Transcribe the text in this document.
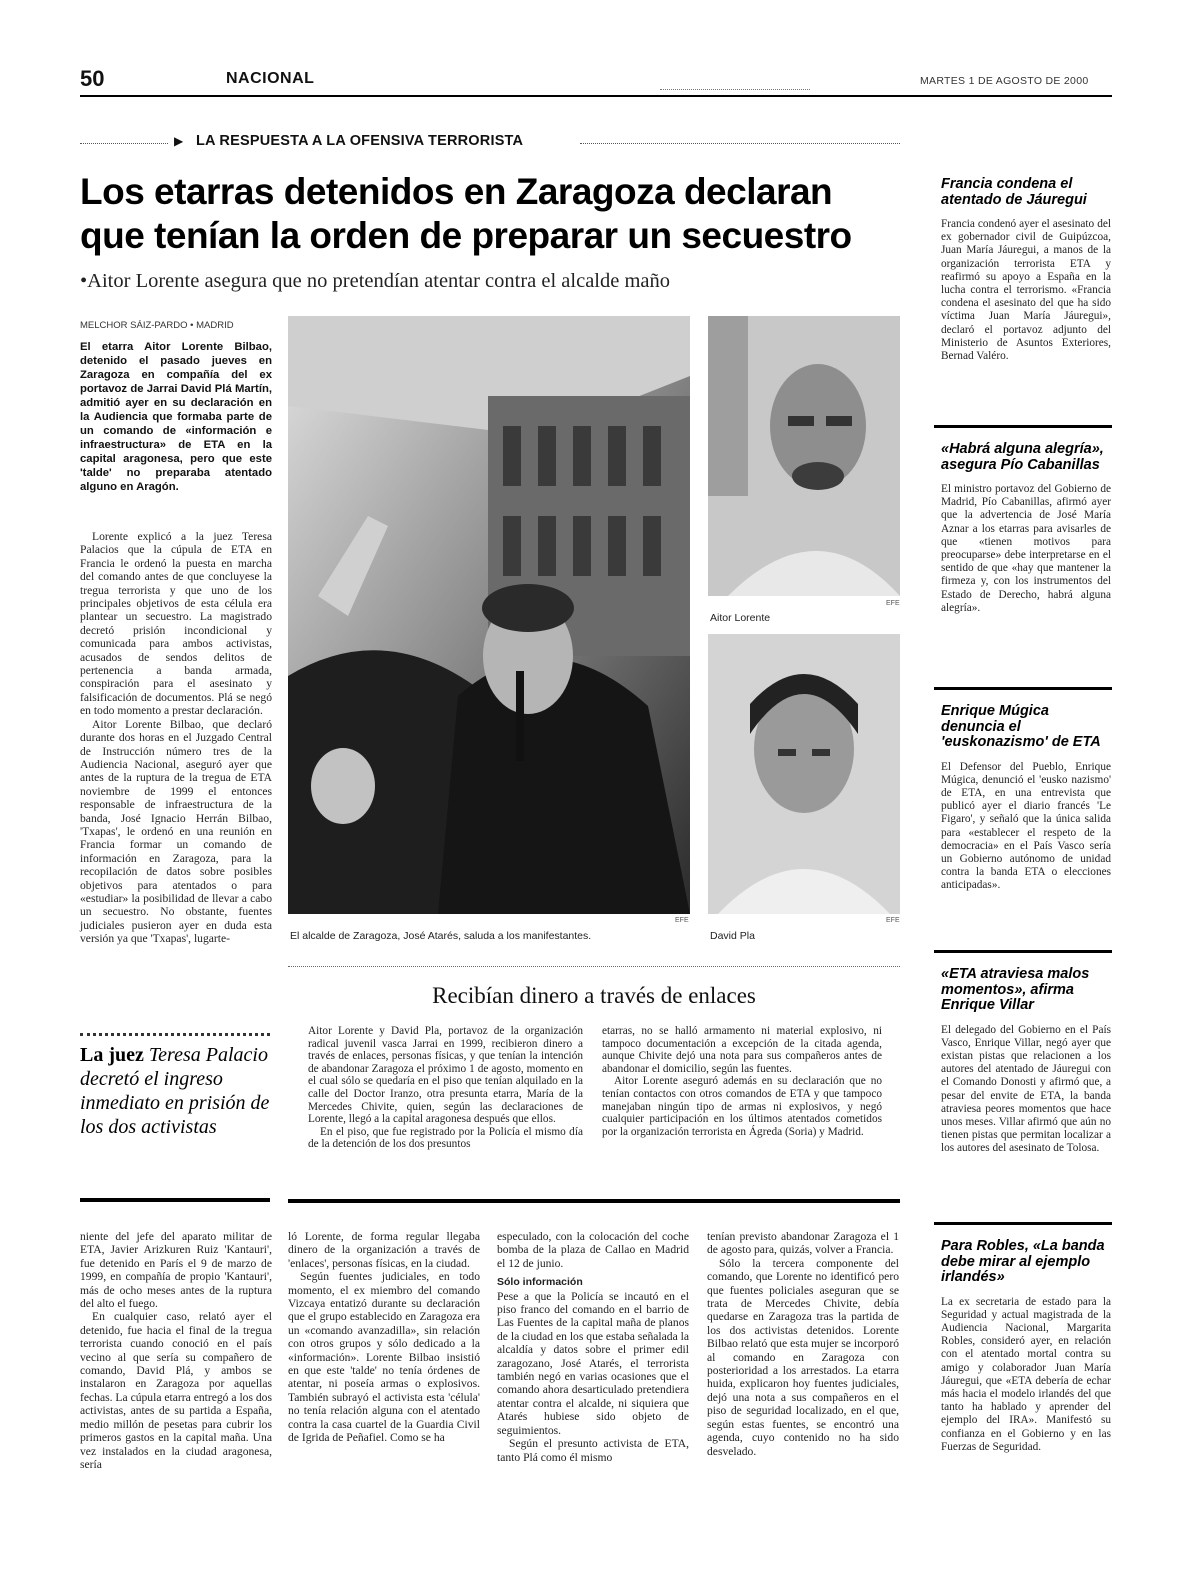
50	NACIONAL	MARTES 1 DE AGOSTO DE 2000
▶ LA RESPUESTA A LA OFENSIVA TERRORISTA
Los etarras detenidos en Zaragoza declaran
que tenían la orden de preparar un secuestro
•Aitor Lorente asegura que no pretendían atentar contra el alcalde maño
MELCHOR SÁIZ-PARDO • MADRID
El etarra Aitor Lorente Bilbao, detenido el pasado jueves en Zaragoza en compañía del ex portavoz de Jarrai David Plá Martín, admitió ayer en su declaración en la Audiencia que formaba parte de un comando de «información e infraestructura» de ETA en la capital aragonesa, pero que este 'talde' no preparaba atentado alguno en Aragón.

Lorente explicó a la juez Teresa Palacios que la cúpula de ETA en Francia le ordenó la puesta en marcha del comando antes de que concluyese la tregua terrorista y que uno de los principales objetivos de esta célula era plantear un secuestro. La magistrado decretó prisión incondicional y comunicada para ambos activistas, acusados de sendos delitos de pertenencia a banda armada, conspiración para el asesinato y falsificación de documentos. Plá se negó en todo momento a prestar declaración.

Aitor Lorente Bilbao, que declaró durante dos horas en el Juzgado Central de Instrucción número tres de la Audiencia Nacional, aseguró ayer que antes de la ruptura de la tregua de ETA noviembre de 1999 el entonces responsable de infraestructura de la banda, José Ignacio Herrán Bilbao, 'Txapas', le ordenó en una reunión en Francia formar un comando de información en Zaragoza, para la recopilación de datos sobre posibles objetivos para atentados o para «estudiar» la posibilidad de llevar a cabo un secuestro. No obstante, fuentes judiciales pusieron ayer en duda esta versión ya que 'Txapas', lugarte-

La juez Teresa Palacio decretó el ingreso inmediato en prisión de los dos activistas
EFE
El alcalde de Zaragoza, José Atarés, saluda a los manifestantes.
EFE
Aitor Lorente
EFE
David Pla
Recibían dinero a través de enlaces

Aitor Lorente y David Pla, portavoz de la organización radical juvenil vasca Jarrai en 1999, recibieron dinero a través de enlaces, personas físicas, y que tenían la intención de abandonar Zaragoza el próximo 1 de agosto, momento en el cual sólo se quedaría en el piso que tenían alquilado en la calle del Doctor Iranzo, otra presunta etarra, María de la Mercedes Chivite, quien, según las declaraciones de Lorente, llegó a la capital aragonesa después que ellos.

En el piso, que fue registrado por la Policía el mismo día de la detención de los dos presuntos

etarras, no se halló armamento ni material explosivo, ni tampoco documentación a excepción de la citada agenda, aunque Chivite dejó una nota para sus compañeros antes de abandonar el domicilio, según las fuentes.

Aitor Lorente aseguró además en su declaración que no tenían contactos con otros comandos de ETA y que tampoco manejaban ningún tipo de armas ni explosivos, y negó cualquier participación en los últimos atentados cometidos por la organización terrorista en Ágreda (Soria) y Madrid.

niente del jefe del aparato militar de ETA, Javier Arizkuren Ruiz 'Kantauri', fue detenido en París el 9 de marzo de 1999, en compañía de propio 'Kantauri', más de ocho meses antes de la ruptura del alto el fuego.

En cualquier caso, relató ayer el detenido, fue hacia el final de la tregua terrorista cuando conoció en el país vecino al que sería su compañero de comando, David Plá, y ambos se instalaron en Zaragoza por aquellas fechas. La cúpula etarra entregó a los dos activistas, antes de su partida a España, medio millón de pesetas para cubrir los primeros gastos en la capital maña. Una vez instalados en la ciudad aragonesa, sería

ló Lorente, de forma regular llegaba dinero de la organización a través de 'enlaces', personas físicas, en la ciudad.

Según fuentes judiciales, en todo momento, el ex miembro del comando Vizcaya entatizó durante su declaración que el grupo establecido en Zaragoza era un «comando avanzadilla», sin relación con otros grupos y sólo dedicado a la «información». Lorente Bilbao insistió en que este 'talde' no tenía órdenes de atentar, ni poseía armas o explosivos. También subrayó el activista esta 'célula' no tenía relación alguna con el atentado contra la casa cuartel de la Guardia Civil de Igrida de Peñafiel. Como se ha

especulado, con la colocación del coche bomba de la plaza de Callao en Madrid el 12 de junio.

Sólo información

Pese a que la Policía se incautó en el piso franco del comando en el barrio de Las Fuentes de la capital maña de planos de la ciudad en los que estaba señalada la alcaldía y datos sobre el primer edil zaragozano, José Atarés, el terrorista también negó en varias ocasiones que el comando ahora desarticulado pretendiera atentar contra el alcalde, ni siquiera que Atarés hubiese sido objeto de seguimientos.

Según el presunto activista de ETA, tanto Plá como él mismo

tenían previsto abandonar Zaragoza el 1 de agosto para, quizás, volver a Francia.

Sólo la tercera componente del comando, que Lorente no identificó pero que fuentes policiales aseguran que se trata de Mercedes Chivite, debía quedarse en Zaragoza tras la partida de los dos activistas detenidos. Lorente Bilbao relató que esta mujer se incorporó al comando en Zaragoza con posterioridad a los arrestados. La etarra huida, explicaron hoy fuentes judiciales, dejó una nota a sus compañeros en el piso de seguridad localizado, en el que, según estas fuentes, se encontró una agenda, cuyo contenido no ha sido desvelado.

Francia condena el atentado de Jáuregui
Francia condenó ayer el asesinato del ex gobernador civil de Guipúzcoa, Juan María Jáuregui, a manos de la organización terrorista ETA y reafirmó su apoyo a España en la lucha contra el terrorismo. «Francia condena el asesinato del que ha sido víctima Juan María Jáuregui», declaró el portavoz adjunto del Ministerio de Asuntos Exteriores, Bernad Valéro.
«Habrá alguna alegría», asegura Pío Cabanillas
El ministro portavoz del Gobierno de Madrid, Pío Cabanillas, afirmó ayer que la advertencia de José María Aznar a los etarras para avisarles de que «tienen motivos para preocuparse» debe interpretarse en el sentido de que «hay que mantener la firmeza y, con los instrumentos del Estado de Derecho, habrá alguna alegría».
Enrique Múgica denuncia el 'euskonazismo' de ETA
El Defensor del Pueblo, Enrique Múgica, denunció el 'eusko nazismo' de ETA, en una entrevista que publicó ayer el diario francés 'Le Figaro', y señaló que la única salida para «establecer el respeto de la democracia» en el País Vasco sería un Gobierno autónomo de unidad contra la banda ETA o elecciones anticipadas».
«ETA atraviesa malos momentos», afirma Enrique Villar
El delegado del Gobierno en el País Vasco, Enrique Villar, negó ayer que existan pistas que relacionen a los autores del atentado de Jáuregui con el Comando Donosti y afirmó que, a pesar del envite de ETA, la banda atraviesa peores momentos que hace unos meses. Villar afirmó que aún no tienen pistas que permitan localizar a los autores del asesinato de Tolosa.
Para Robles, «La banda debe mirar al ejemplo irlandés»
La ex secretaria de estado para la Seguridad y actual magistrada de la Audiencia Nacional, Margarita Robles, consideró ayer, en relación con el atentado mortal contra su amigo y colaborador Juan María Jáuregui, que «ETA debería de echar más hacia el modelo irlandés del que tanto ha hablado y aprender del ejemplo del IRA». Manifestó su confianza en el Gobierno y en las Fuerzas de Seguridad.
